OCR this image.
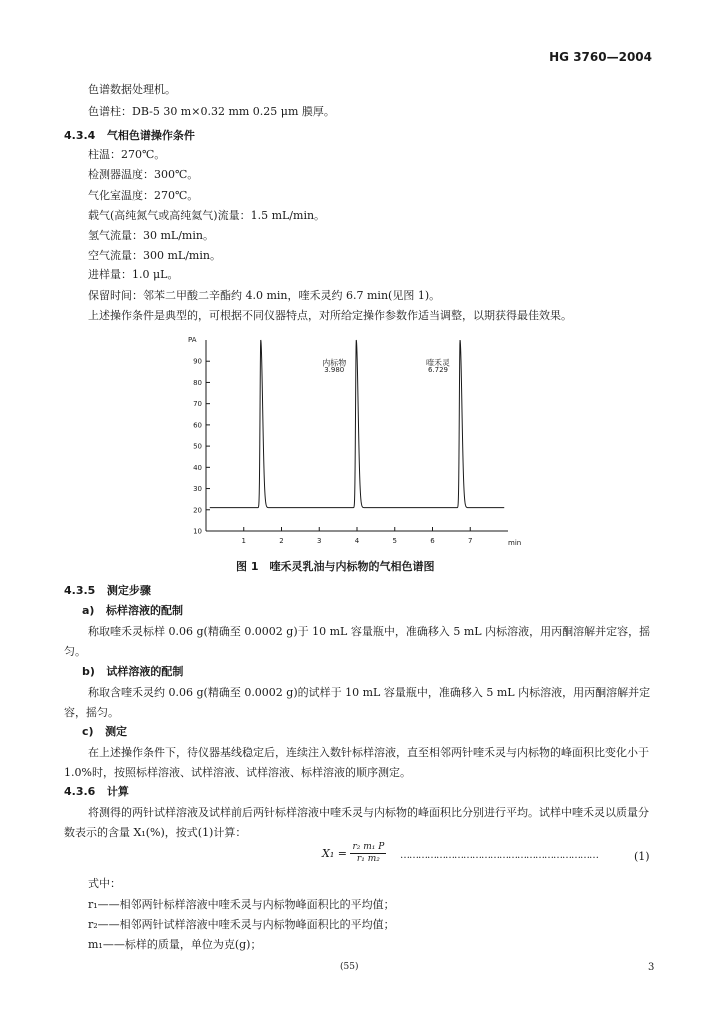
HG 3760—2004
色谱数据处理机。
色谱柱：DB-5 30 m×0.32 mm 0.25 μm 膜厚。
4.3.4 气相色谱操作条件
柱温：270℃。
检测器温度：300℃。
气化室温度：270℃。
载气(高纯氮气或高纯氦气)流量：1.5 mL/min。
氢气流量：30 mL/min。
空气流量：300 mL/min。
进样量：1.0 μL。
保留时间：邻苯二甲酸二辛酯约 4.0 min，喹禾灵约 6.7 min(见图 1)。
上述操作条件是典型的，可根据不同仪器特点，对所给定操作参数作适当调整，以期获得最佳效果。
PA
10
20
30
40
50
60
70
80
90
1	2	3	4	5	6	7	min
内标物
3.980
喹禾灵
6.729
图 1　喹禾灵乳油与内标物的气相色谱图
4.3.5 测定步骤
a) 标样溶液的配制
称取喹禾灵标样 0.06 g(精确至 0.0002 g)于 10 mL 容量瓶中，准确移入 5 mL 内标溶液，用丙酮溶解并定容，摇匀。
b) 试样溶液的配制
称取含喹禾灵约 0.06 g(精确至 0.0002 g)的试样于 10 mL 容量瓶中，准确移入 5 mL 内标溶液，用丙酮溶解并定容，摇匀。
c) 测定
在上述操作条件下，待仪器基线稳定后，连续注入数针标样溶液，直至相邻两针喹禾灵与内标物的峰面积比变化小于 1.0%时，按照标样溶液、试样溶液、试样溶液、标样溶液的顺序测定。
4.3.6 计算
将测得的两针试样溶液及试样前后两针标样溶液中喹禾灵与内标物的峰面积比分别进行平均。试样中喹禾灵以质量分数表示的含量 X₁(%)，按式(1)计算：
$X_1 = \frac{\text{r₂ m₁ P}}{\text{r₁ m₂}}$ …………………………………………………………	(1)
式中：
r₁——相邻两针标样溶液中喹禾灵与内标物峰面积比的平均值；
r₂——相邻两针试样溶液中喹禾灵与内标物峰面积比的平均值；
m₁——标样的质量，单位为克(g)；
(55)	3
